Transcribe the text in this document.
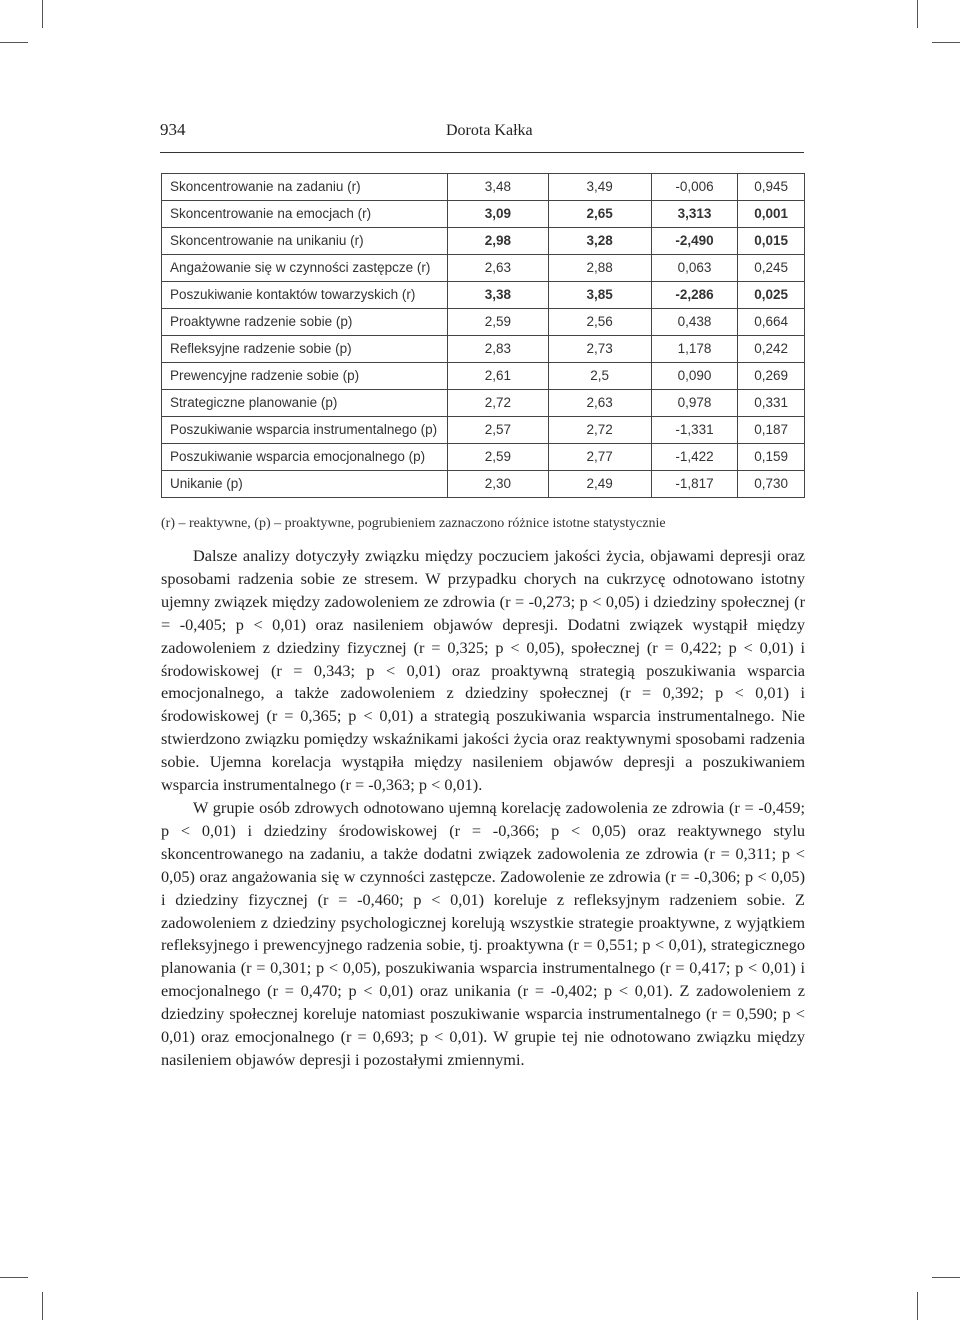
934	Dorota Kałka
Skoncentrowanie na zadaniu (r)	3,48	3,49	-0,006	0,945
Skoncentrowanie na emocjach (r)	3,09	2,65	3,313	0,001
Skoncentrowanie na unikaniu (r)	2,98	3,28	-2,490	0,015
Angażowanie się w czynności zastępcze (r)	2,63	2,88	0,063	0,245
Poszukiwanie kontaktów towarzyskich (r)	3,38	3,85	-2,286	0,025
Proaktywne radzenie sobie (p)	2,59	2,56	0,438	0,664
Refleksyjne radzenie sobie (p)	2,83	2,73	1,178	0,242
Prewencyjne radzenie sobie (p)	2,61	2,5	0,090	0,269
Strategiczne planowanie (p)	2,72	2,63	0,978	0,331
Poszukiwanie wsparcia instrumentalnego (p)	2,57	2,72	-1,331	0,187
Poszukiwanie wsparcia emocjonalnego (p)	2,59	2,77	-1,422	0,159
Unikanie (p)	2,30	2,49	-1,817	0,730
(r) – reaktywne, (p) – proaktywne, pogrubieniem zaznaczono różnice istotne statystycznie

Dalsze analizy dotyczyły związku między poczuciem jakości życia, objawami depresji oraz sposobami radzenia sobie ze stresem. W przypadku chorych na cukrzycę odnotowano istotny ujemny związek między zadowoleniem ze zdrowia (r = -0,273; p < 0,05) i dziedziny społecznej (r = -0,405; p < 0,01) oraz nasileniem objawów depresji. Dodatni związek wystąpił między zadowoleniem z dziedziny fizycznej (r = 0,325; p < 0,05), społecznej (r = 0,422; p < 0,01) i środowiskowej (r = 0,343; p < 0,01) oraz proaktywną strategią poszukiwania wsparcia emocjonalnego, a także zadowoleniem z dziedziny społecznej (r = 0,392; p < 0,01) i środowiskowej (r = 0,365; p < 0,01) a strategią poszukiwania wsparcia instrumentalnego. Nie stwierdzono związku pomiędzy wskaźnikami jakości życia oraz reaktywnymi sposobami radzenia sobie. Ujemna korelacja wystąpiła między nasileniem objawów depresji a poszukiwaniem wsparcia instrumentalnego (r = -0,363; p < 0,01).

W grupie osób zdrowych odnotowano ujemną korelację zadowolenia ze zdrowia (r = -0,459; p < 0,01) i dziedziny środowiskowej (r = -0,366; p < 0,05) oraz reaktywnego stylu skoncentrowanego na zadaniu, a także dodatni związek zadowolenia ze zdrowia (r = 0,311; p < 0,05) oraz angażowania się w czynności zastępcze. Zadowolenie ze zdrowia (r = -0,306; p < 0,05) i dziedziny fizycznej (r = -0,460; p < 0,01) koreluje z refleksyjnym radzeniem sobie. Z zadowoleniem z dziedziny psychologicznej korelują wszystkie strategie proaktywne, z wyjątkiem refleksyjnego i prewencyjnego radzenia sobie, tj. proaktywna (r = 0,551; p < 0,01), strategicznego planowania (r = 0,301; p < 0,05), poszukiwania wsparcia instrumentalnego (r = 0,417; p < 0,01) i emocjonalnego (r = 0,470; p < 0,01) oraz unikania (r = -0,402; p < 0,01). Z zadowoleniem z dziedziny społecznej koreluje natomiast poszukiwanie wsparcia instrumentalnego (r = 0,590; p < 0,01) oraz emocjonalnego (r = 0,693; p < 0,01). W grupie tej nie odnotowano związku między nasileniem objawów depresji i pozostałymi zmiennymi.
